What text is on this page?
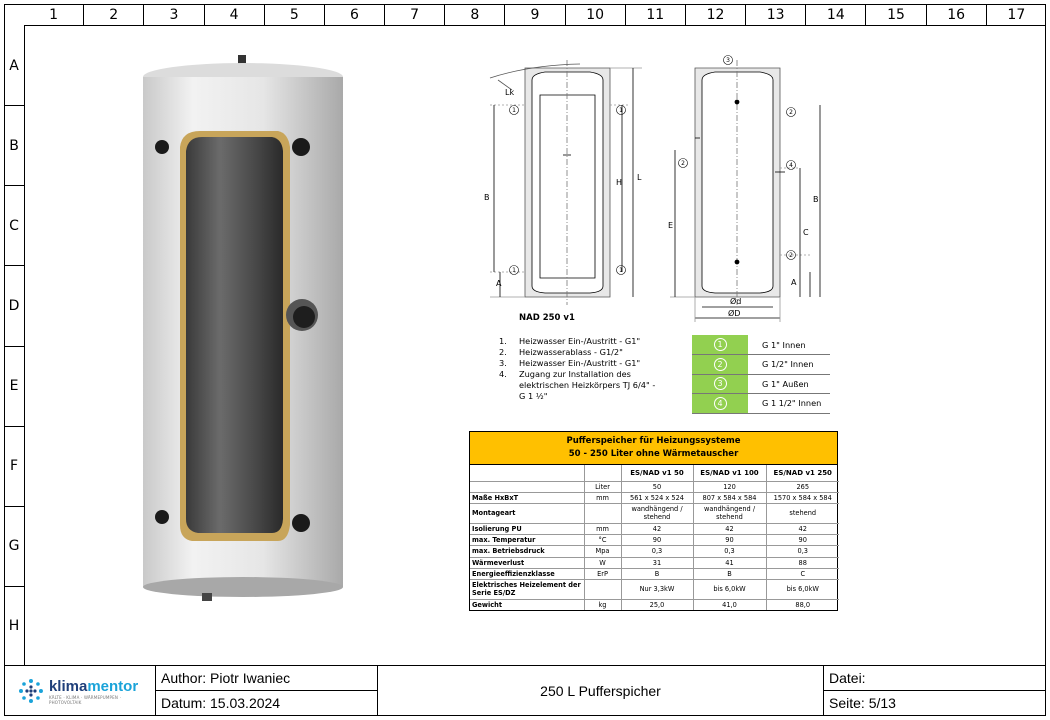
1	2	3	4	5	6	7	8	9	10	11	12	13	14	15	16	17
A
B
C
D
E
F
G
H
Lk
B
A
H
L
E
C
B
A
Ød
ØD
1	1
1	1
3
2
2	4
2
NAD 250 v1
1.	Heizwasser Ein-/Austritt - G1"
2.	Heizwasserablass - G1/2"
3.	Heizwasser Ein-/Austritt - G1"
4.	Zugang zur Installation des elektrischen Heizkörpers TJ 6/4" - G 1 ½"
1	G 1" Innen
2	G 1/2" Innen
3	G 1" Außen
4	G 1 1/2" Innen
Pufferspeicher für Heizungssysteme
50 - 250 Liter ohne Wärmetauscher
		ES/NAD v1 50	ES/NAD v1 100	ES/NAD v1 250
	Liter	50	120	265
Maße HxBxT	mm	561 x 524 x 524	807 x 584 x 584	1570 x 584 x 584
Montageart		wandhängend / stehend	wandhängend / stehend	stehend
Isolierung PU	mm	42	42	42
max. Temperatur	°C	90	90	90
max. Betriebsdruck	Mpa	0,3	0,3	0,3
Wärmeverlust	W	31	41	88
Energieeffizienzklasse	ErP	B	B	C
Elektrisches Heizelement der Serie ES/DZ		Nur 3,3kW	bis 6,0kW	bis 6,0kW
Gewicht	kg	25,0	41,0	88,0
klimamentor
KÄLTE · KLIMA · WÄRMEPUMPEN · PHOTOVOLTAIK
Author: Piotr Iwaniec
Datum: 15.03.2024
250 L Pufferspicher
Datei:
Seite: 5/13
